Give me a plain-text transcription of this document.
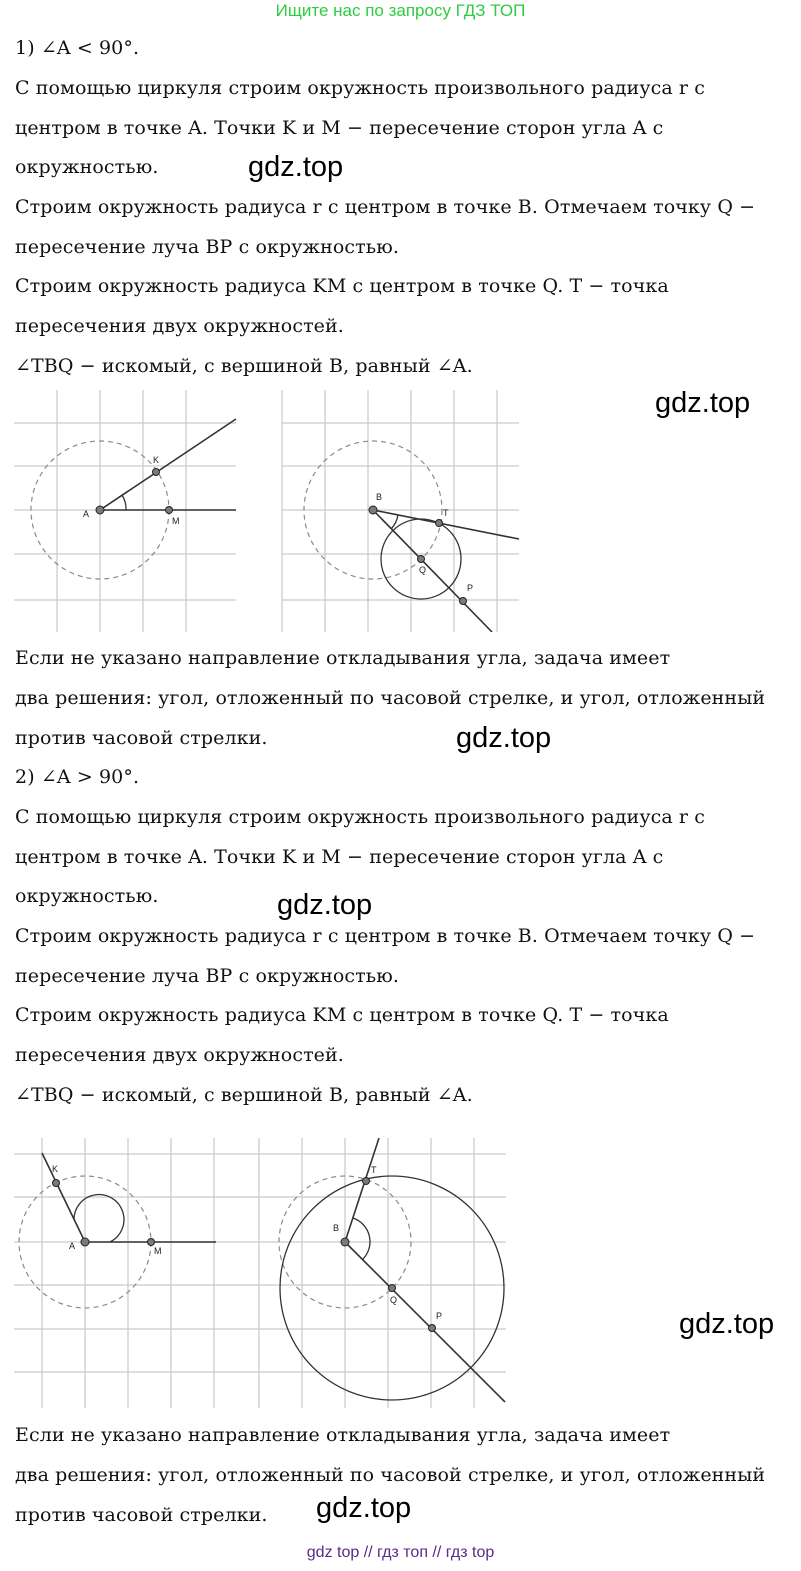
Ищите нас по запросу ГДЗ ТОП
1) ∠A < 90°.
С помощью циркуля строим окружность произвольного радиуса r с
центром в точке A. Точки K и M − пересечение сторон угла A с
окружностью.
Строим окружность радиуса r с центром в точке B. Отмечаем точку Q −
пересечение луча BP с окружностью.
Строим окружность радиуса KM с центром в точке Q. T − точка
пересечения двух окружностей.
∠TBQ − искомый, с вершиной B, равный ∠A.
gdz.top
gdz.top
A
K
M
B
T
Q
P
Если не указано направление откладывания угла, задача имеет
два решения: угол, отложенный по часовой стрелке, и угол, отложенный
против часовой стрелки.	gdz.top
2) ∠A > 90°.
С помощью циркуля строим окружность произвольного радиуса r с
центром в точке A. Точки K и M − пересечение сторон угла A с
окружностью.
Строим окружность радиуса r с центром в точке B. Отмечаем точку Q −
пересечение луча BP с окружностью.
Строим окружность радиуса KM с центром в точке Q. T − точка
пересечения двух окружностей.
∠TBQ − искомый, с вершиной B, равный ∠A.
gdz.top
A
K
M
B
T
Q
P	gdz.top
Если не указано направление откладывания угла, задача имеет
два решения: угол, отложенный по часовой стрелке, и угол, отложенный
против часовой стрелки. gdz.top
gdz top // гдз топ // гдз top
